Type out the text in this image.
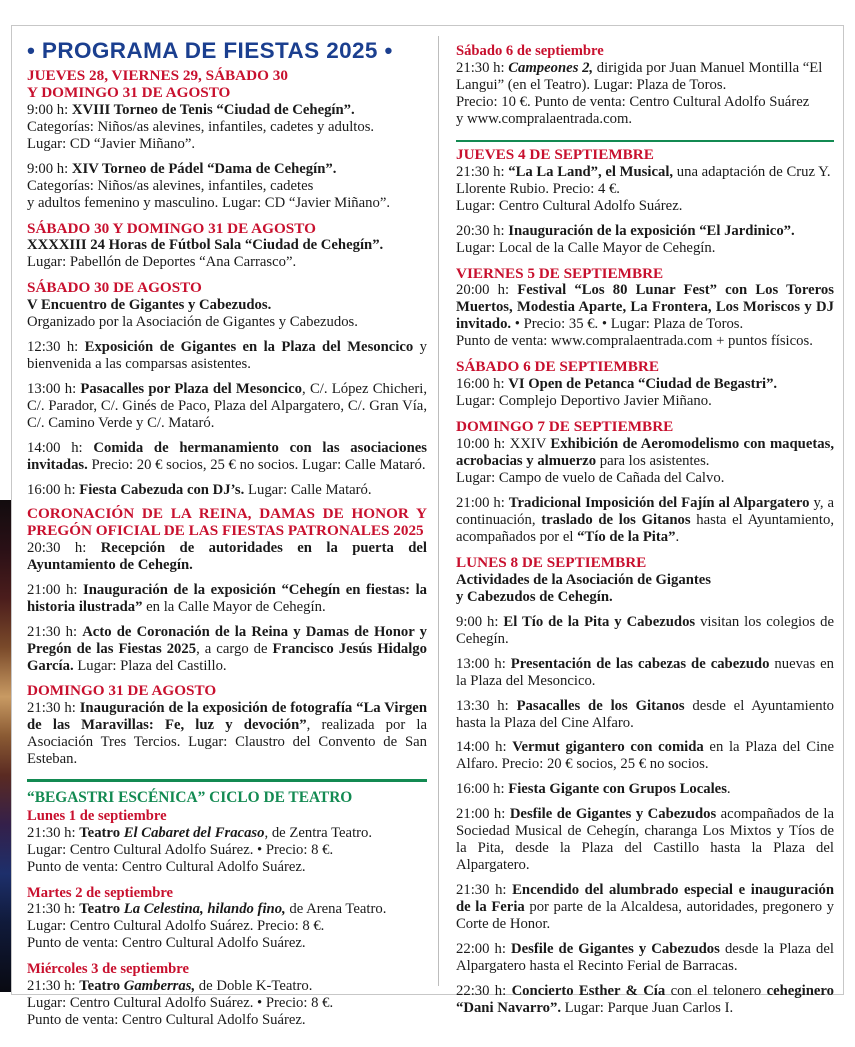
• PROGRAMA DE FIESTAS 2025 •
JUEVES 28, VIERNES 29, SÁBADO 30
Y DOMINGO 31 DE AGOSTO
9:00 h: XVIII Torneo de Tenis “Ciudad de Cehegín”.
Categorías: Niños/as alevines, infantiles, cadetes y adultos.
Lugar: CD “Javier Miñano”.
9:00 h: XIV Torneo de Pádel “Dama de Cehegín”.
Categorías: Niños/as alevines, infantiles, cadetes
y adultos femenino y masculino. Lugar: CD “Javier Miñano”.
SÁBADO 30 Y DOMINGO 31 DE AGOSTO
XXXXIII 24 Horas de Fútbol Sala “Ciudad de Cehegín”.
Lugar: Pabellón de Deportes “Ana Carrasco”.
SÁBADO 30 DE AGOSTO
V Encuentro de Gigantes y Cabezudos.
Organizado por la Asociación de Gigantes y Cabezudos.
12:30 h: Exposición de Gigantes en la Plaza del Mesoncico y bienvenida a las comparsas asistentes.
13:00 h: Pasacalles por Plaza del Mesoncico, C/. López Chicheri, C/. Parador, C/. Ginés de Paco, Plaza del Alpargatero, C/. Gran Vía, C/. Camino Verde y C/. Mataró.
14:00 h: Comida de hermanamiento con las asociaciones invitadas. Precio: 20 € socios, 25 € no socios. Lugar: Calle Mataró.
16:00 h: Fiesta Cabezuda con DJ’s. Lugar: Calle Mataró.
CORONACIÓN DE LA REINA, DAMAS DE HONOR Y
PREGÓN OFICIAL DE LAS FIESTAS PATRONALES 2025
20:30 h: Recepción de autoridades en la puerta del Ayuntamiento de Cehegín.
21:00 h: Inauguración de la exposición “Cehegín en fiestas: la historia ilustrada” en la Calle Mayor de Cehegín.
21:30 h: Acto de Coronación de la Reina y Damas de Honor y Pregón de las Fiestas 2025, a cargo de Francisco Jesús Hidalgo García. Lugar: Plaza del Castillo.
DOMINGO 31 DE AGOSTO
21:30 h: Inauguración de la exposición de fotografía “La Virgen de las Maravillas: Fe, luz y devoción”, realizada por la Asociación Tres Tercios. Lugar: Claustro del Convento de San Esteban.
“BEGASTRI ESCÉNICA” CICLO DE TEATRO
Lunes 1 de septiembre
21:30 h: Teatro El Cabaret del Fracaso, de Zentra Teatro.
Lugar: Centro Cultural Adolfo Suárez. • Precio: 8 €.
Punto de venta: Centro Cultural Adolfo Suárez.
Martes 2 de septiembre
21:30 h: Teatro La Celestina, hilando fino, de Arena Teatro.
Lugar: Centro Cultural Adolfo Suárez. Precio: 8 €.
Punto de venta: Centro Cultural Adolfo Suárez.
Miércoles 3 de septiembre
21:30 h: Teatro Gamberras, de Doble K-Teatro.
Lugar: Centro Cultural Adolfo Suárez. • Precio: 8 €.
Punto de venta: Centro Cultural Adolfo Suárez.
Sábado 6 de septiembre
21:30 h: Campeones 2, dirigida por Juan Manuel Montilla “El Langui” (en el Teatro). Lugar: Plaza de Toros.
Precio: 10 €. Punto de venta: Centro Cultural Adolfo Suárez
y www.compralaentrada.com.
JUEVES 4 DE SEPTIEMBRE
21:30 h: “La La Land”, el Musical, una adaptación de Cruz Y. Llorente Rubio. Precio: 4 €.
Lugar: Centro Cultural Adolfo Suárez.
20:30 h: Inauguración de la exposición “El Jardinico”.
Lugar: Local de la Calle Mayor de Cehegín.
VIERNES 5 DE SEPTIEMBRE
20:00 h: Festival “Los 80 Lunar Fest” con Los Toreros Muertos, Modestia Aparte, La Frontera, Los Moriscos y DJ invitado. • Precio: 35 €. • Lugar: Plaza de Toros.
Punto de venta: www.compralaentrada.com + puntos físicos.
SÁBADO 6 DE SEPTIEMBRE
16:00 h: VI Open de Petanca “Ciudad de Begastri”.
Lugar: Complejo Deportivo Javier Miñano.
DOMINGO 7 DE SEPTIEMBRE
10:00 h: XXIV Exhibición de Aeromodelismo con maquetas, acrobacias y almuerzo para los asistentes.
Lugar: Campo de vuelo de Cañada del Calvo.
21:00 h: Tradicional Imposición del Fajín al Alpargatero y, a continuación, traslado de los Gitanos hasta el Ayuntamiento, acompañados por el “Tío de la Pita”.
LUNES 8 DE SEPTIEMBRE
Actividades de la Asociación de Gigantes
y Cabezudos de Cehegín.
9:00 h: El Tío de la Pita y Cabezudos visitan los colegios de Cehegín.
13:00 h: Presentación de las cabezas de cabezudo nuevas en la Plaza del Mesoncico.
13:30 h: Pasacalles de los Gitanos desde el Ayuntamiento hasta la Plaza del Cine Alfaro.
14:00 h: Vermut gigantero con comida en la Plaza del Cine Alfaro. Precio: 20 € socios, 25 € no socios.
16:00 h: Fiesta Gigante con Grupos Locales.
21:00 h: Desfile de Gigantes y Cabezudos acompañados de la Sociedad Musical de Cehegín, charanga Los Mixtos y Tíos de la Pita, desde la Plaza del Castillo hasta la Plaza del Alpargatero.
21:30 h: Encendido del alumbrado especial e inauguración de la Feria por parte de la Alcaldesa, autoridades, pregonero y Corte de Honor.
22:00 h: Desfile de Gigantes y Cabezudos desde la Plaza del Alpargatero hasta el Recinto Ferial de Barracas.
22:30 h: Concierto Esther & Cía con el telonero ceheginero “Dani Navarro”. Lugar: Parque Juan Carlos I.
